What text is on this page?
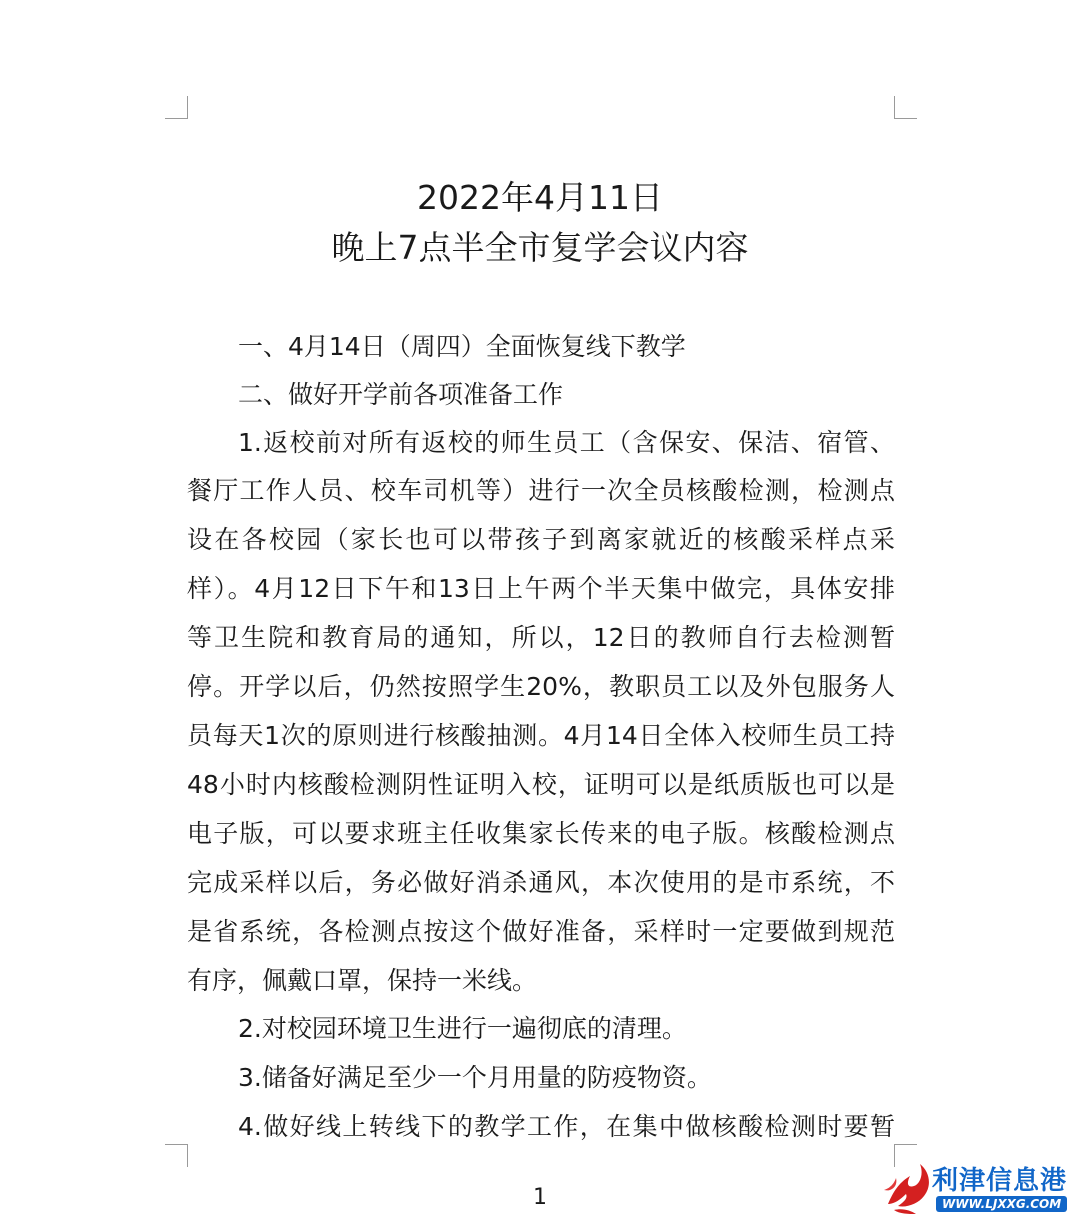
2022年4月11日
晚上7点半全市复学会议内容
一、4月14日（周四）全面恢复线下教学
二、做好开学前各项准备工作
1.返校前对所有返校的师生员工（含保安、保洁、宿管、
餐厅工作人员、校车司机等）进行一次全员核酸检测，检测点
设在各校园（家长也可以带孩子到离家就近的核酸采样点采
样）。4月12日下午和13日上午两个半天集中做完，具体安排
等卫生院和教育局的通知，所以，12日的教师自行去检测暂
停。开学以后，仍然按照学生20%，教职员工以及外包服务人
员每天1次的原则进行核酸抽测。4月14日全体入校师生员工持
48小时内核酸检测阴性证明入校，证明可以是纸质版也可以是
电子版，可以要求班主任收集家长传来的电子版。核酸检测点
完成采样以后，务必做好消杀通风，本次使用的是市系统，不
是省系统，各检测点按这个做好准备，采样时一定要做到规范
有序，佩戴口罩，保持一米线。
2.对校园环境卫生进行一遍彻底的清理。
3.储备好满足至少一个月用量的防疫物资。
4.做好线上转线下的教学工作，在集中做核酸检测时要暂
1
利津信息港
WWW.LJXXG.COM
